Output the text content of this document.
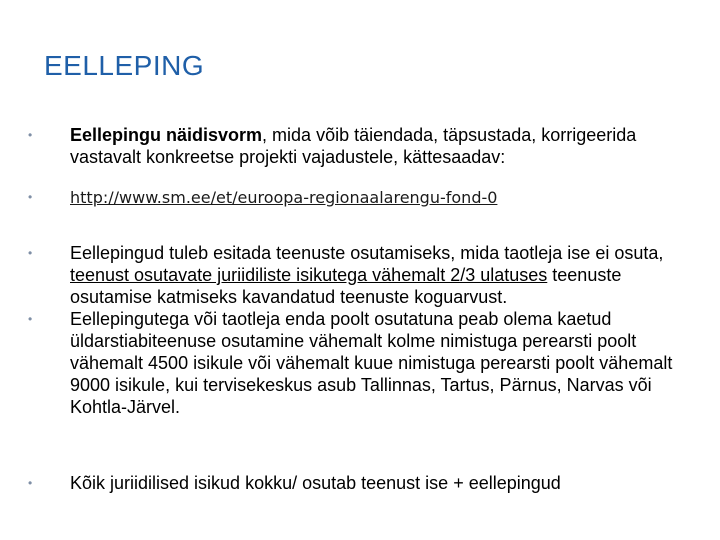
EELLEPING
•	Eellepingu näidisvorm, mida võib täiendada, täpsustada, korrigeerida vastavalt konkreetse projekti vajadustele, kättesaadav:
•	http://www.sm.ee/et/euroopa-regionaalarengu-fond-0
•	Eellepingud tuleb esitada teenuste osutamiseks, mida taotleja ise ei osuta, teenust osutavate juriidiliste isikutega vähemalt 2/3 ulatuses teenuste osutamise katmiseks kavandatud teenuste koguarvust.
•	Eellepingutega või taotleja enda poolt osutatuna peab olema kaetud üldarstiabiteenuse osutamine vähemalt kolme nimistuga perearsti poolt vähemalt 4500 isikule või vähemalt kuue nimistuga perearsti poolt vähemalt 9000 isikule, kui tervisekeskus asub Tallinnas, Tartus, Pärnus, Narvas või Kohtla-Järvel.
•	Kõik juriidilised isikud kokku/ osutab teenust ise + eellepingud
